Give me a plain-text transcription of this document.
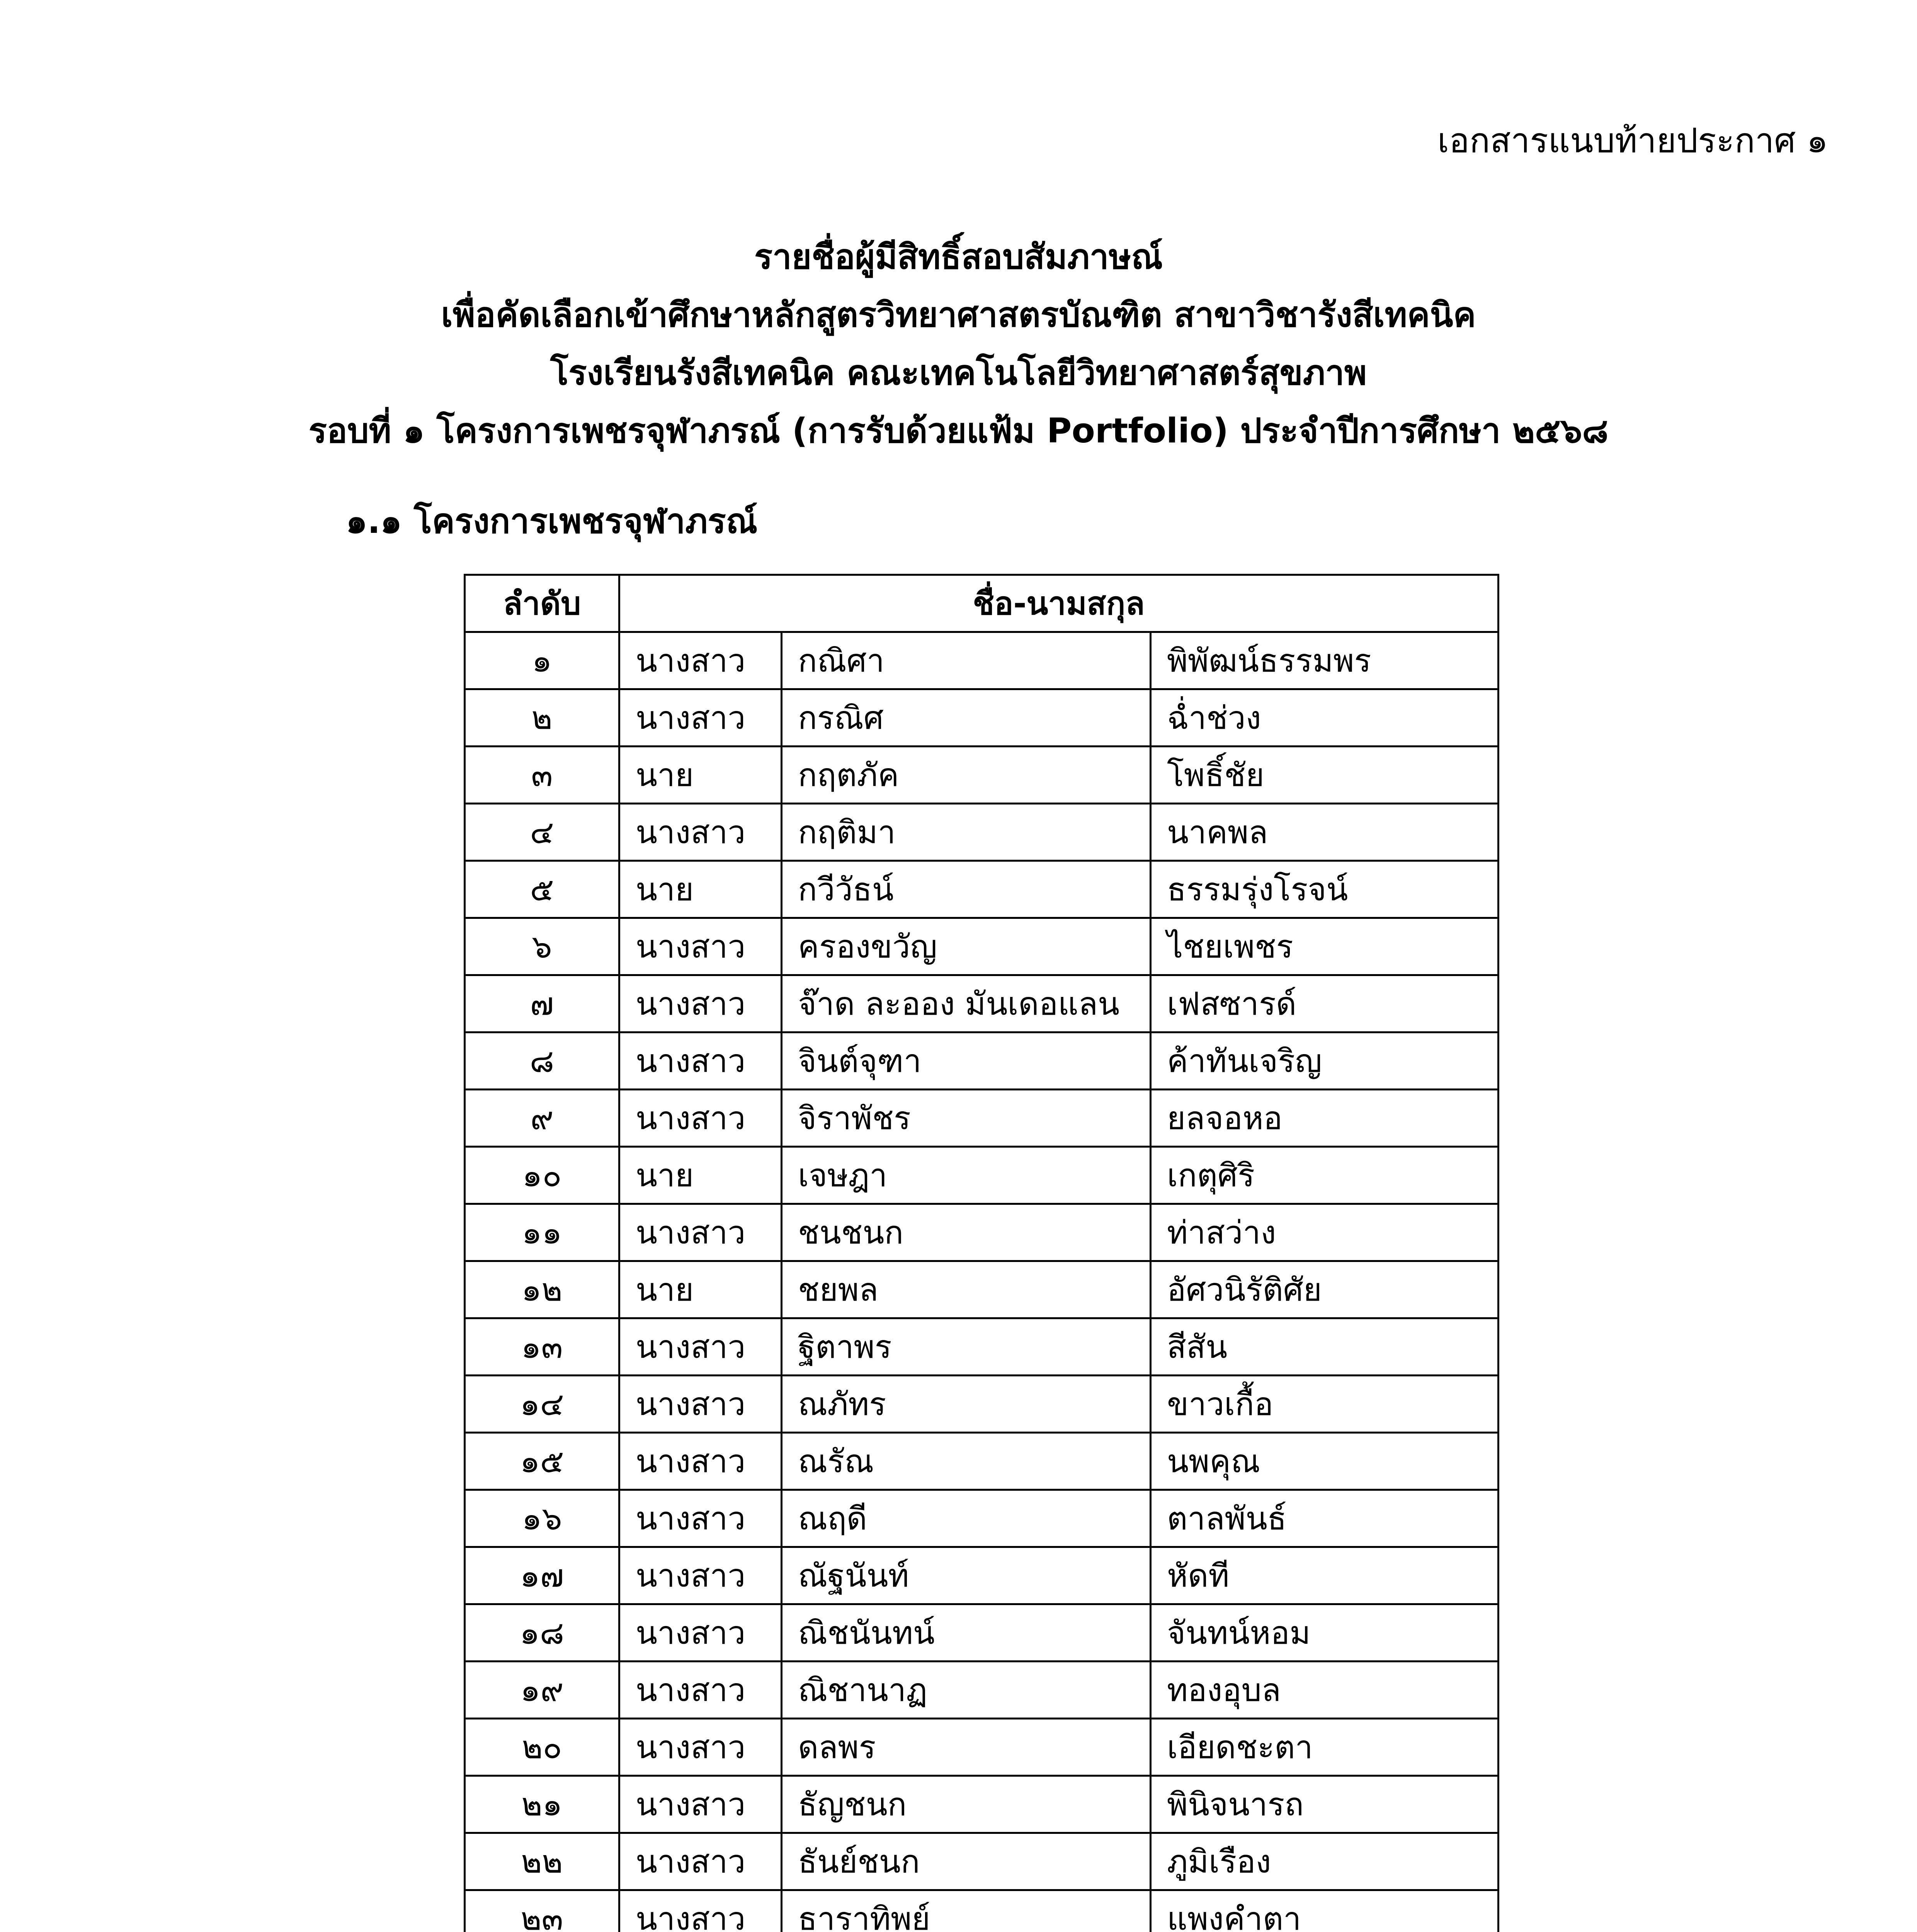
เอกสารแนบท้ายประกาศ ๑
รายชื่อผู้มีสิทธิ์สอบสัมภาษณ์
เพื่อคัดเลือกเข้าศึกษาหลักสูตรวิทยาศาสตรบัณฑิต สาขาวิชารังสีเทคนิค
โรงเรียนรังสีเทคนิค คณะเทคโนโลยีวิทยาศาสตร์สุขภาพ
รอบที่ ๑ โครงการเพชรจุฬาภรณ์ (การรับด้วยแฟ้ม Portfolio) ประจำปีการศึกษา ๒๕๖๘
๑.๑ โครงการเพชรจุฬาภรณ์
ลำดับ	ชื่อ-นามสกุล		
๑	นางสาว	กณิศา	พิพัฒน์ธรรมพร
๒	นางสาว	กรณิศ	ฉ่ำช่วง
๓	นาย	กฤตภัค	โพธิ์ชัย
๔	นางสาว	กฤติมา	นาคพล
๕	นาย	กวีวัธน์	ธรรมรุ่งโรจน์
๖	นางสาว	ครองขวัญ	ไชยเพชร
๗	นางสาว	จ๊าด ละออง มันเดอแลน	เฟสซารด์
๘	นางสาว	จินต์จุฑา	ค้าทันเจริญ
๙	นางสาว	จิราพัชร	ยลจอหอ
๑๐	นาย	เจษฎา	เกตุศิริ
๑๑	นางสาว	ชนชนก	ท่าสว่าง
๑๒	นาย	ชยพล	อัศวนิรัติศัย
๑๓	นางสาว	ฐิตาพร	สีสัน
๑๔	นางสาว	ณภัทร	ขาวเกื้อ
๑๕	นางสาว	ณรัณ	นพคุณ
๑๖	นางสาว	ณฤดี	ตาลพันธ์
๑๗	นางสาว	ณัฐนันท์	หัดที
๑๘	นางสาว	ณิชนันทน์	จันทน์หอม
๑๙	นางสาว	ณิชานาฏ	ทองอุบล
๒๐	นางสาว	ดลพร	เอียดชะตา
๒๑	นางสาว	ธัญชนก	พินิจนารถ
๒๒	นางสาว	ธันย์ชนก	ภูมิเรือง
๒๓	นางสาว	ธาราทิพย์	แพงคำตา
